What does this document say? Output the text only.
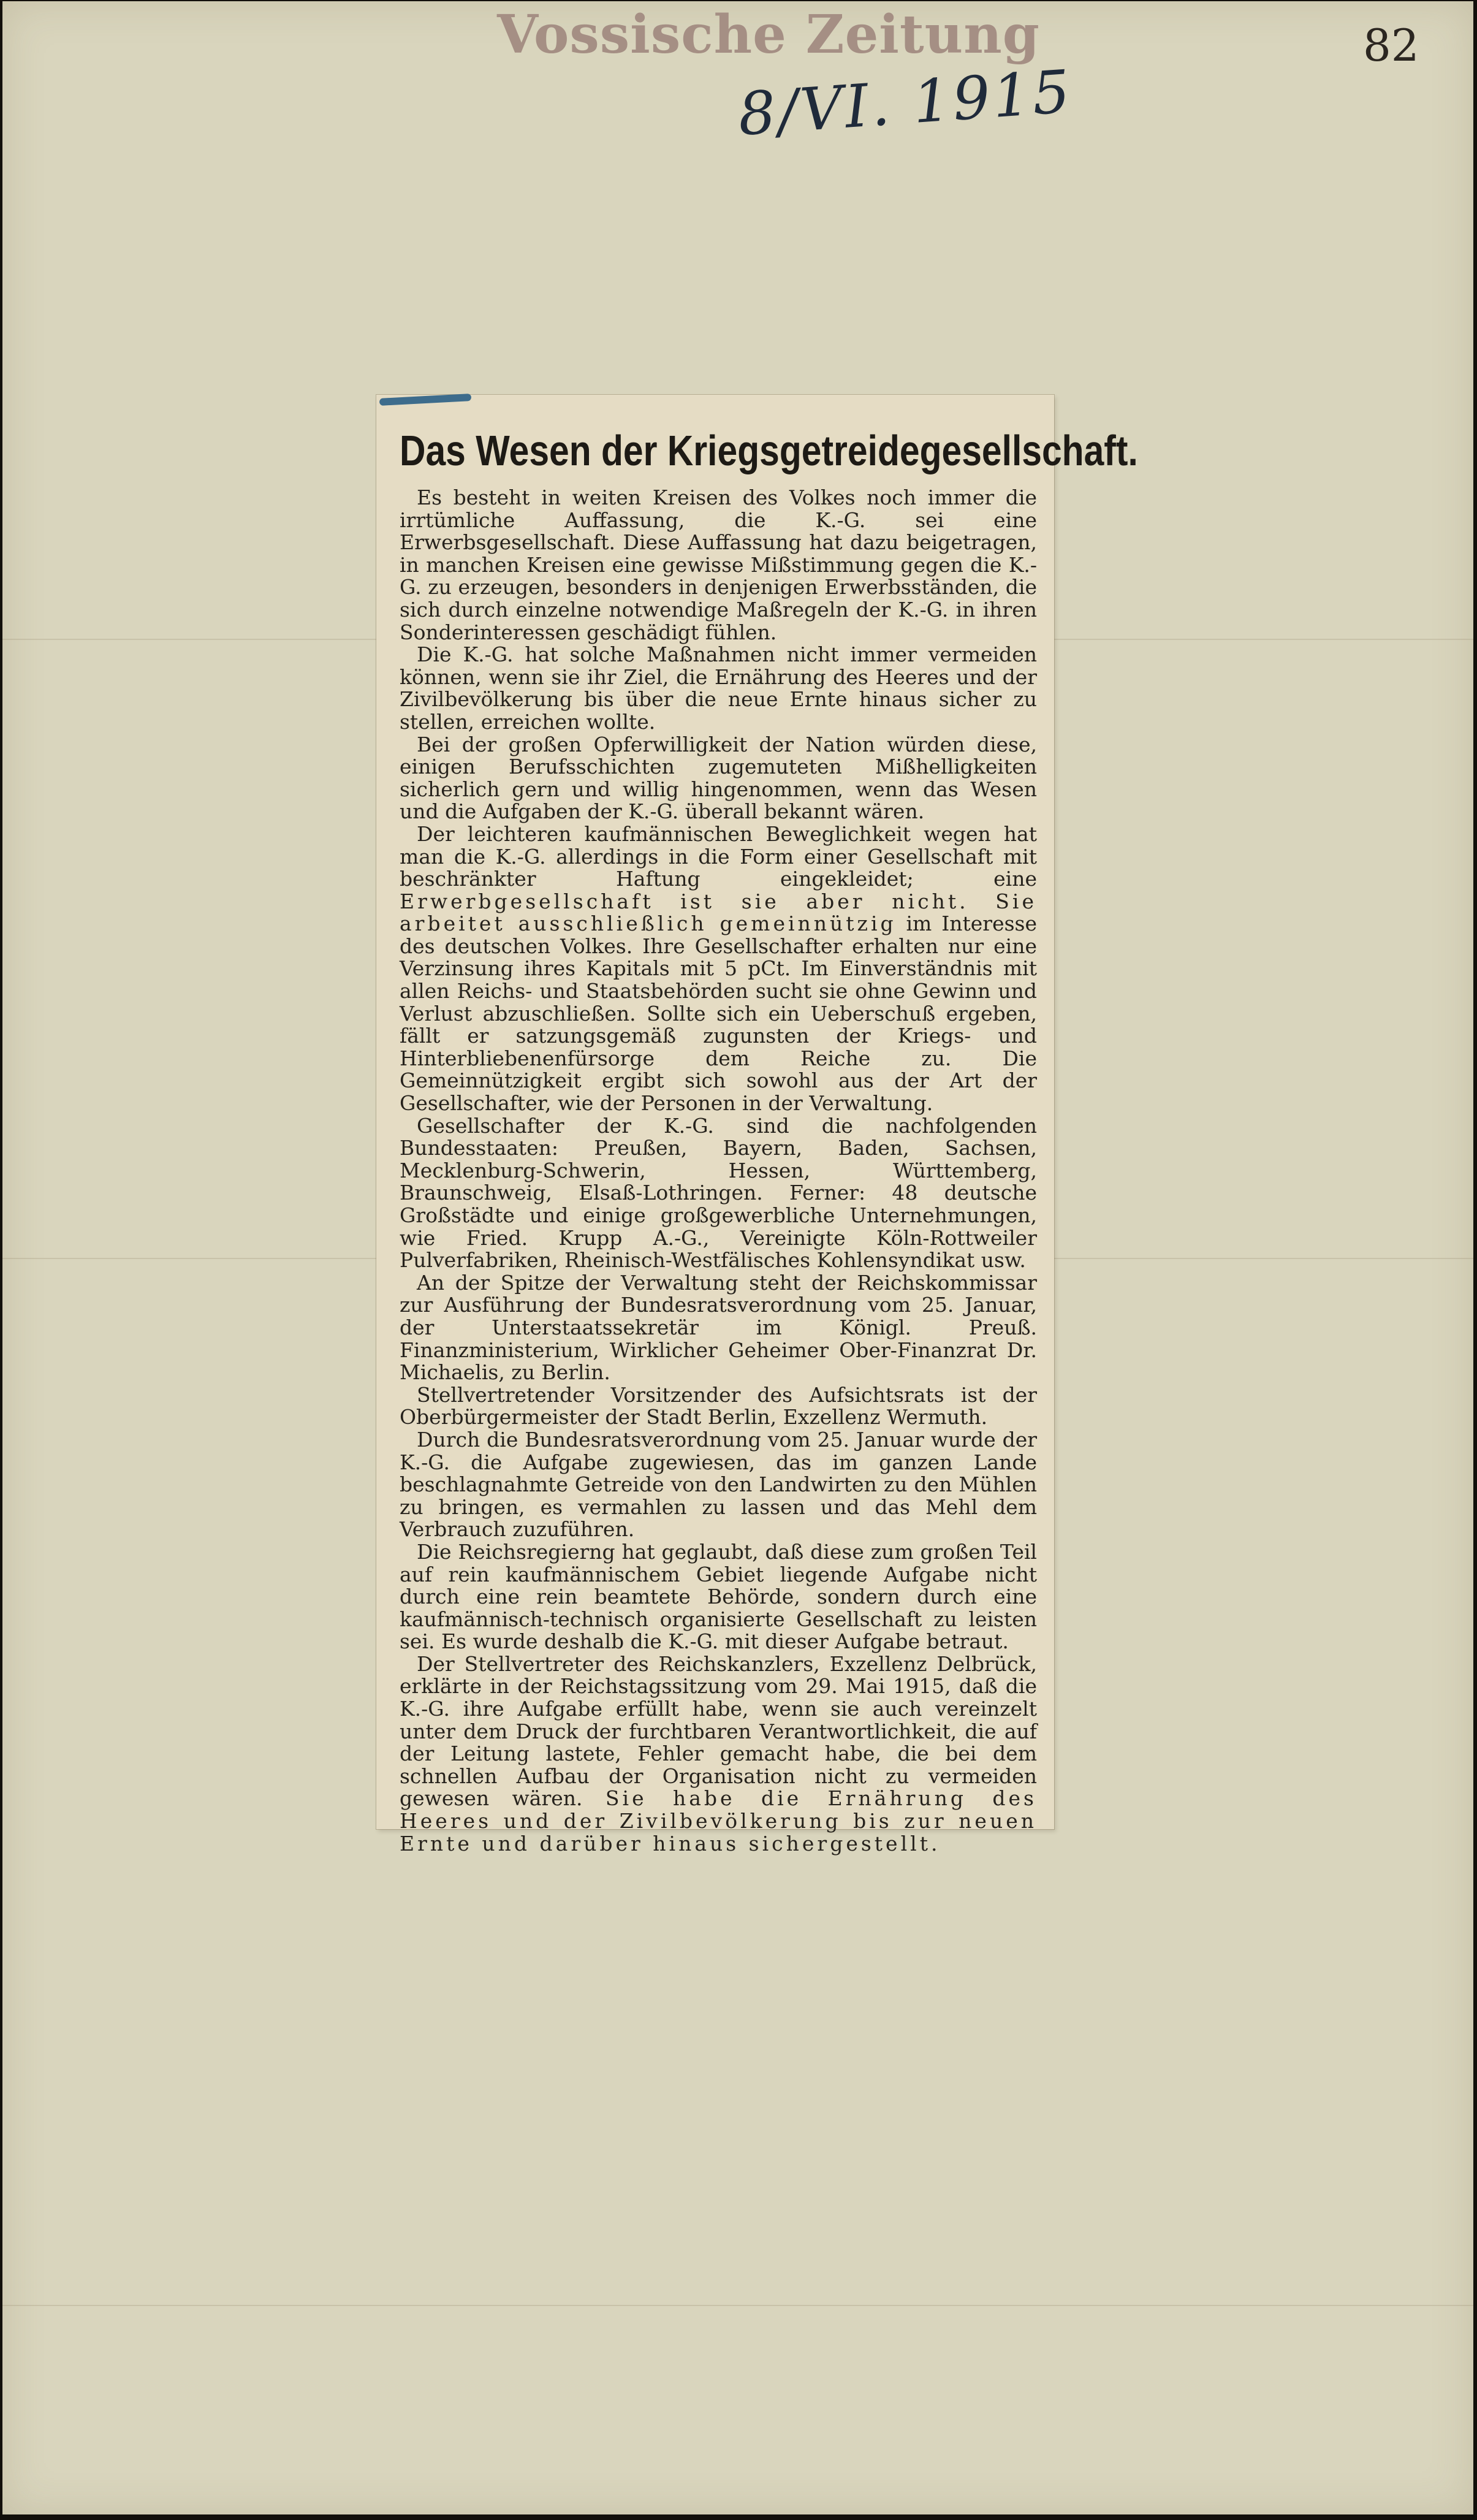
Vossische Zeitung	82
8/VI. 1915
Das Wesen der Kriegsgetreidegesellschaft.

Es besteht in weiten Kreisen des Volkes noch immer die irrtümliche Auffassung, die K.-G. sei eine Erwerbsgesellschaft. Diese Auffassung hat dazu beigetragen, in manchen Kreisen eine gewisse Mißstimmung gegen die K.-G. zu erzeugen, besonders in denjenigen Erwerbsständen, die sich durch einzelne notwendige Maßregeln der K.-G. in ihren Sonderinteressen geschädigt fühlen.

Die K.-G. hat solche Maßnahmen nicht immer vermeiden können, wenn sie ihr Ziel, die Ernährung des Heeres und der Zivilbevölkerung bis über die neue Ernte hinaus sicher zu stellen, erreichen wollte.

Bei der großen Opferwilligkeit der Nation würden diese, einigen Berufsschichten zugemuteten Mißhelligkeiten sicherlich gern und willig hingenommen, wenn das Wesen und die Aufgaben der K.-G. überall bekannt wären.

Der leichteren kaufmännischen Beweglichkeit wegen hat man die K.-G. allerdings in die Form einer Gesellschaft mit beschränkter Haftung eingekleidet; eine Erwerbgesellschaft ist sie aber nicht. Sie arbeitet ausschließlich gemeinnützig im Interesse des deutschen Volkes. Ihre Gesellschafter erhalten nur eine Verzinsung ihres Kapitals mit 5 pCt. Im Einverständnis mit allen Reichs- und Staatsbehörden sucht sie ohne Gewinn und Verlust abzuschließen. Sollte sich ein Ueberschuß ergeben, fällt er satzungsgemäß zugunsten der Kriegs- und Hinterbliebenenfürsorge dem Reiche zu. Die Gemeinnützigkeit ergibt sich sowohl aus der Art der Gesellschafter, wie der Personen in der Verwaltung.

Gesellschafter der K.-G. sind die nachfolgenden Bundesstaaten: Preußen, Bayern, Baden, Sachsen, Mecklenburg-Schwerin, Hessen, Württemberg, Braunschweig, Elsaß-Lothringen. Ferner: 48 deutsche Großstädte und einige großgewerbliche Unternehmungen, wie Fried. Krupp A.-G., Vereinigte Köln-Rottweiler Pulverfabriken, Rheinisch-Westfälisches Kohlensyndikat usw.

An der Spitze der Verwaltung steht der Reichskommissar zur Ausführung der Bundesratsverordnung vom 25. Januar, der Unterstaatssekretär im Königl. Preuß. Finanzministerium, Wirklicher Geheimer Ober-Finanzrat Dr. Michaelis, zu Berlin.

Stellvertretender Vorsitzender des Aufsichtsrats ist der Oberbürgermeister der Stadt Berlin, Exzellenz Wermuth.

Durch die Bundesratsverordnung vom 25. Januar wurde der K.-G. die Aufgabe zugewiesen, das im ganzen Lande beschlagnahmte Getreide von den Landwirten zu den Mühlen zu bringen, es vermahlen zu lassen und das Mehl dem Verbrauch zuzuführen.

Die Reichsregierng hat geglaubt, daß diese zum großen Teil auf rein kaufmännischem Gebiet liegende Aufgabe nicht durch eine rein beamtete Behörde, sondern durch eine kaufmännisch-technisch organisierte Gesellschaft zu leisten sei. Es wurde deshalb die K.-G. mit dieser Aufgabe betraut.

Der Stellvertreter des Reichskanzlers, Exzellenz Delbrück, erklärte in der Reichstagssitzung vom 29. Mai 1915, daß die K.-G. ihre Aufgabe erfüllt habe, wenn sie auch vereinzelt unter dem Druck der furchtbaren Verantwortlichkeit, die auf der Leitung lastete, Fehler gemacht habe, die bei dem schnellen Aufbau der Organisation nicht zu vermeiden gewesen wären. Sie habe die Ernährung des Heeres und der Zivilbevölkerung bis zur neuen Ernte und darüber hinaus sichergestellt.
